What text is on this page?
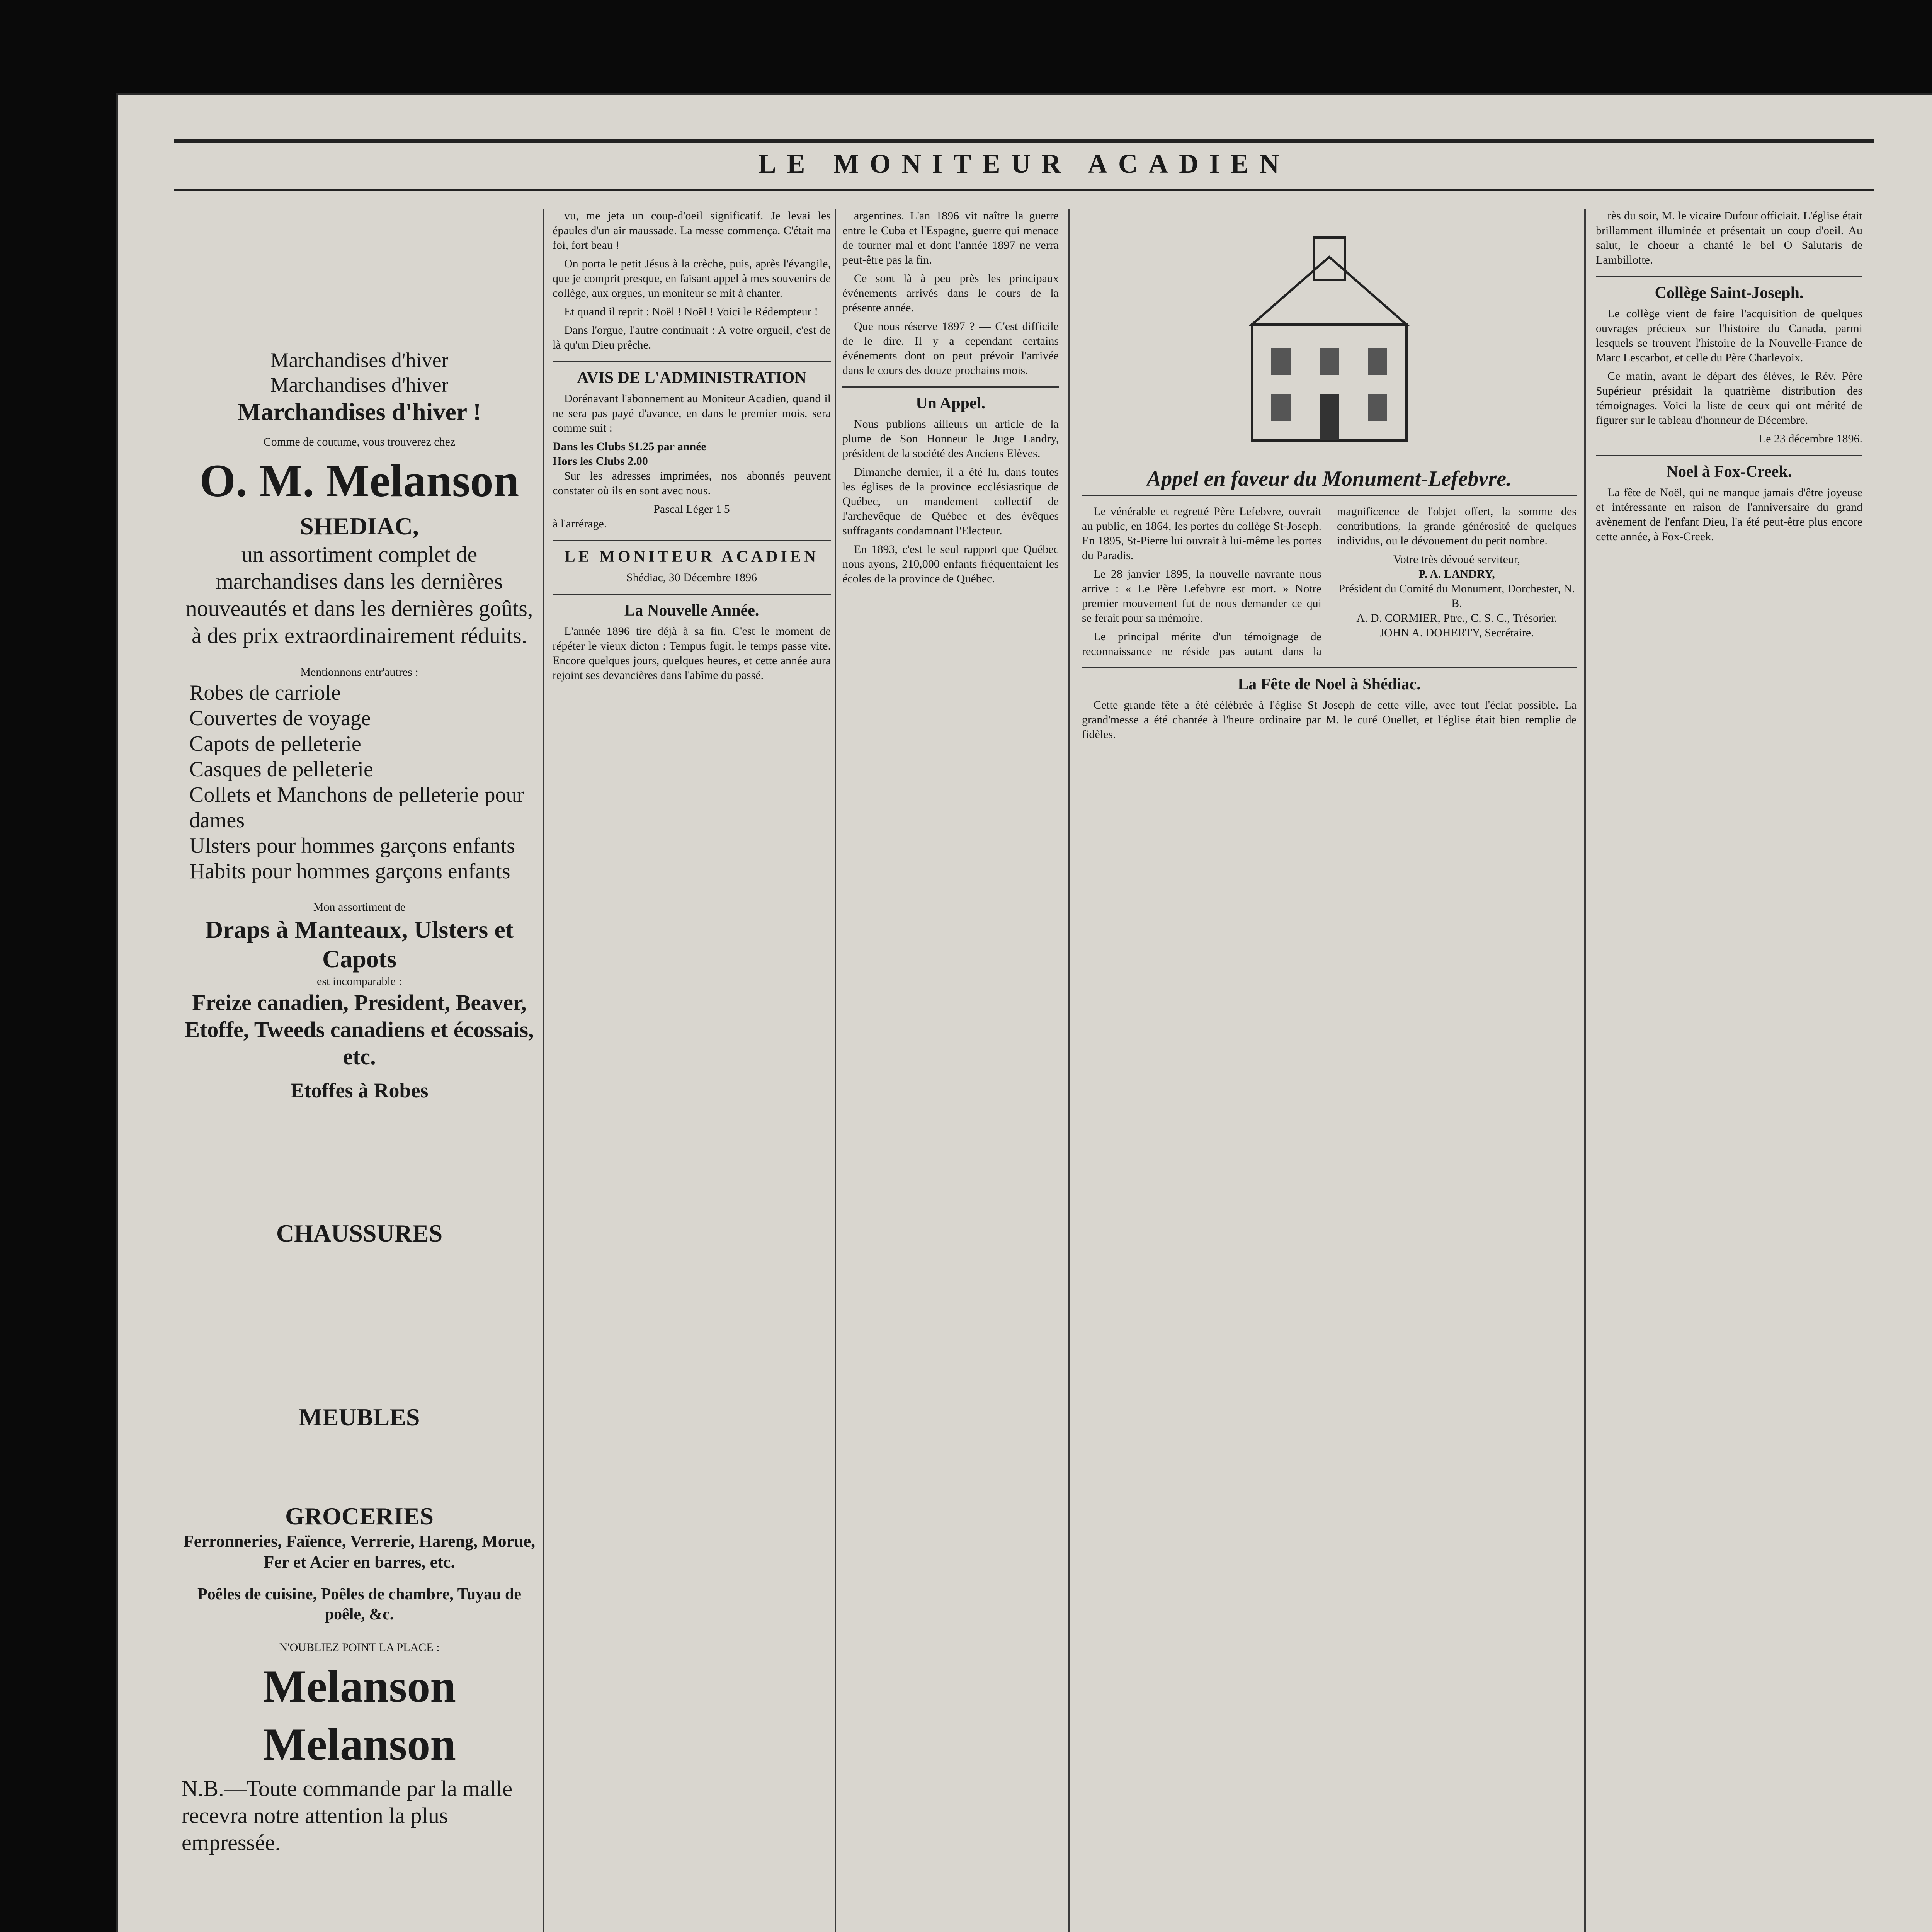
LE MONITEUR ACADIEN

Marchandises d'hiver

Marchandises d'hiver

Marchandises d'hiver !

Comme de coutume, vous trouverez chez
O. M. Melanson
SHEDIAC,
un assortiment complet de marchandises dans les dernières nouveautés et dans les dernières goûts, à des prix extraordinairement réduits.
Mentionnons entr'autres :
Robes de carriole
Couvertes de voyage
Capots de pelleterie
Casques de pelleterie
Collets et Manchons de pelleterie pour dames
Ulsters pour hommes garçons enfants
Habits pour hommes garçons enfants
Mon assortiment de
Draps à Manteaux, Ulsters et Capots
est incomparable :
Freize canadien, President, Beaver, Etoffe, Tweeds canadiens et écossais, etc.
Etoffes à Robes
CHAUSSURES
MEUBLES
GROCERIES
Ferronneries, Faïence, Verrerie, Hareng, Morue, Fer et Acier en barres, etc.
Poêles de cuisine, Poêles de chambre, Tuyau de poêle, &c.
N'OUBLIEZ POINT LA PLACE :
Melanson
Melanson
N.B.—Toute commande par la malle recevra notre attention la plus empressée.

vu, me jeta un coup-d'oeil significatif. Je levai les épaules d'un air maussade. La messe commença. C'était ma foi, fort beau !

On porta le petit Jésus à la crèche, puis, après l'évangile, que je comprit presque, en faisant appel à mes souvenirs de collège, aux orgues, un moniteur se mit à chanter.

Et quand il reprit : Noël ! Noël ! Voici le Rédempteur !

Dans l'orgue, l'autre continuait : A votre orgueil, c'est de là qu'un Dieu prêche.

AVIS DE L'ADMINISTRATION

Dorénavant l'abonnement au Moniteur Acadien, quand il ne sera pas payé d'avance, en dans le premier mois, sera comme suit :

Dans les Clubs $1.25 par année
Hors les Clubs 2.00

Sur les adresses imprimées, nos abonnés peuvent constater où ils en sont avec nous.

Pascal Léger 1|5
à l'arrérage.
LE MONITEUR ACADIEN
Shédiac, 30 Décembre 1896
La Nouvelle Année.

L'année 1896 tire déjà à sa fin. C'est le moment de répéter le vieux dicton : Tempus fugit, le temps passe vite. Encore quelques jours, quelques heures, et cette année aura rejoint ses devancières dans l'abîme du passé.

argentines. L'an 1896 vit naître la guerre entre le Cuba et l'Espagne, guerre qui menace de tourner mal et dont l'année 1897 ne verra peut-être pas la fin.

Ce sont là à peu près les principaux événements arrivés dans le cours de la présente année.

Que nous réserve 1897 ? — C'est difficile de le dire. Il y a cependant certains événements dont on peut prévoir l'arrivée dans le cours des douze prochains mois.

Un Appel.

Nous publions ailleurs un article de la plume de Son Honneur le Juge Landry, président de la société des Anciens Elèves.

Dimanche dernier, il a été lu, dans toutes les églises de la province ecclésiastique de Québec, un mandement collectif de l'archevêque de Québec et des évêques suffragants condamnant l'Electeur.

En 1893, c'est le seul rapport que Québec nous ayons, 210,000 enfants fréquentaient les écoles de la province de Québec.

Appel en faveur du Monument-Lefebvre.

Le vénérable et regretté Père Lefebvre, ouvrait au public, en 1864, les portes du collège St-Joseph. En 1895, St-Pierre lui ouvrait à lui-même les portes du Paradis.

Le 28 janvier 1895, la nouvelle navrante nous arrive : « Le Père Lefebvre est mort. » Notre premier mouvement fut de nous demander ce qui se ferait pour sa mémoire.

Le principal mérite d'un témoignage de reconnaissance ne réside pas autant dans la magnificence de l'objet offert, la somme des contributions, la grande générosité de quelques individus, ou le dévouement du petit nombre.

Votre très dévoué serviteur,
P. A. LANDRY,
Président du Comité du Monument, Dorchester, N. B.
A. D. CORMIER, Ptre., C. S. C., Trésorier.
JOHN A. DOHERTY, Secrétaire.
La Fête de Noel à Shédiac.

Cette grande fête a été célébrée à l'église St Joseph de cette ville, avec tout l'éclat possible. La grand'messe a été chantée à l'heure ordinaire par M. le curé Ouellet, et l'église était bien remplie de fidèles.

rès du soir, M. le vicaire Dufour officiait. L'église était brillamment illuminée et présentait un coup d'oeil. Au salut, le choeur a chanté le bel O Salutaris de Lambillotte.

Collège Saint-Joseph.

Le collège vient de faire l'acquisition de quelques ouvrages précieux sur l'histoire du Canada, parmi lesquels se trouvent l'histoire de la Nouvelle-France de Marc Lescarbot, et celle du Père Charlevoix.

Ce matin, avant le départ des élèves, le Rév. Père Supérieur présidait la quatrième distribution des témoignages. Voici la liste de ceux qui ont mérité de figurer sur le tableau d'honneur de Décembre.

Le 23 décembre 1896.
Noel à Fox-Creek.

La fête de Noël, qui ne manque jamais d'être joyeuse et intéressante en raison de l'anniversaire du grand avènement de l'enfant Dieu, l'a été peut-être plus encore cette année, à Fox-Creek.
